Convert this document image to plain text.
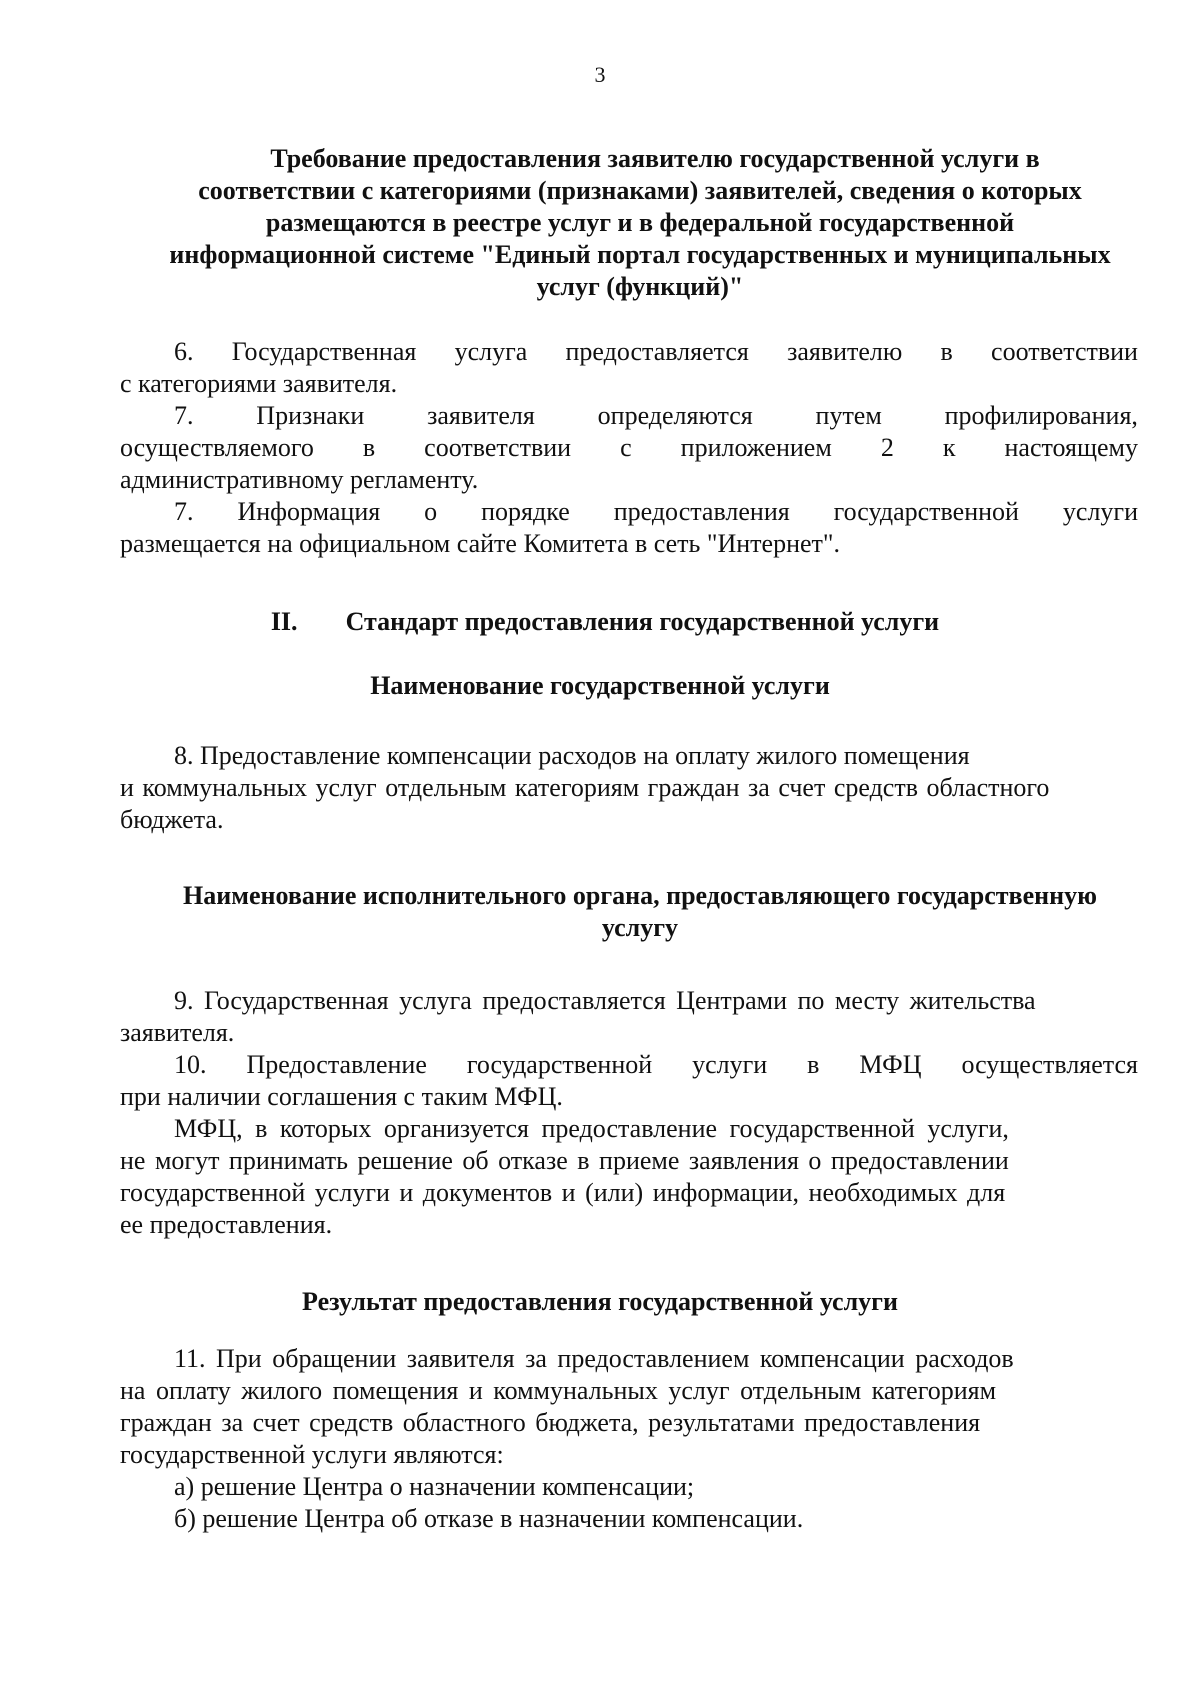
3
Требование предоставления заявителю государственной услуги в
соответствии с категориями (признаками) заявителей, сведения о которых
размещаются в реестре услуг и в федеральной государственной
информационной системе "Единый портал государственных и муниципальных
услуг (функций)"
6. Государственная услуга предоставляется заявителю в соответствии
с категориями заявителя.
7. Признаки заявителя определяются путем профилирования,
осуществляемого в соответствии с приложением 2 к настоящему
административному регламенту.
7. Информация о порядке предоставления государственной услуги
размещается на официальном сайте Комитета в сеть "Интернет".
II. Стандарт предоставления государственной услуги
Наименование государственной услуги
8. Предоставление компенсации расходов на оплату жилого помещения
и коммунальных услуг отдельным категориям граждан за счет средств областного
бюджета.
Наименование исполнительного органа, предоставляющего государственную
услугу
9. Государственная услуга предоставляется Центрами по месту жительства
заявителя.
10. Предоставление государственной услуги в МФЦ осуществляется
при наличии соглашения с таким МФЦ.
МФЦ, в которых организуется предоставление государственной услуги,
не могут принимать решение об отказе в приеме заявления о предоставлении
государственной услуги и документов и (или) информации, необходимых для
ее предоставления.
Результат предоставления государственной услуги
11. При обращении заявителя за предоставлением компенсации расходов
на оплату жилого помещения и коммунальных услуг отдельным категориям
граждан за счет средств областного бюджета, результатами предоставления
государственной услуги являются:
а) решение Центра о назначении компенсации;
б) решение Центра об отказе в назначении компенсации.
